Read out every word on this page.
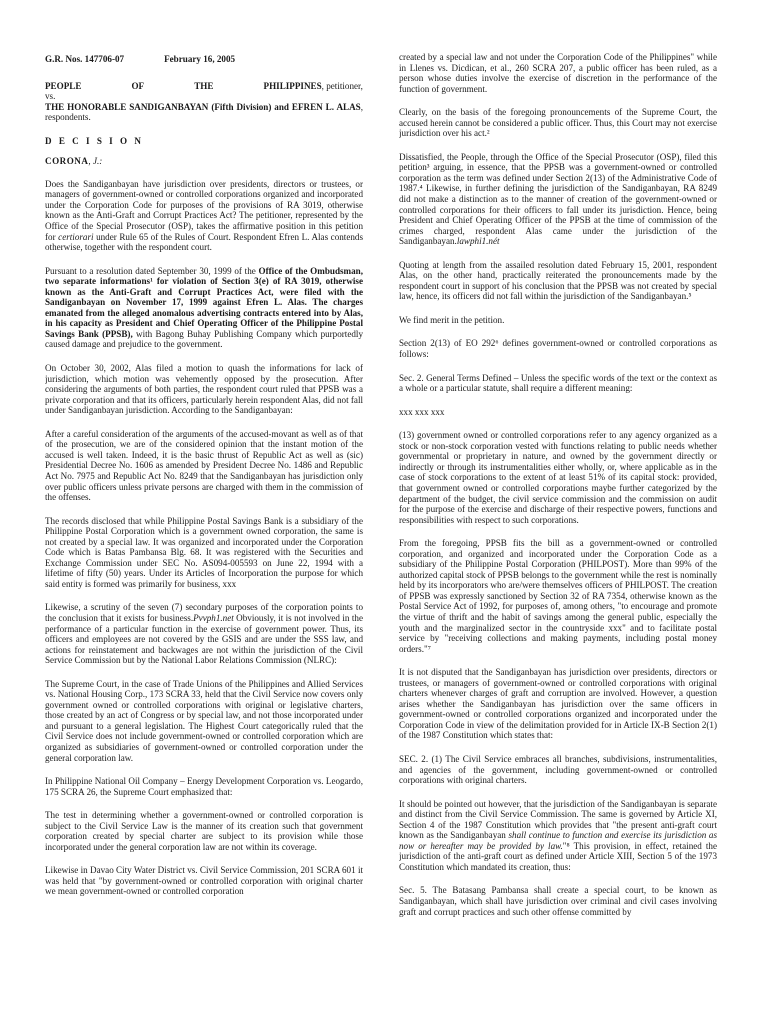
G.R. Nos. 147706-07	February 16, 2005
PEOPLE	OF	THE	PHILIPPINES, petitioner,
vs.

THE HONORABLE SANDIGANBAYAN (Fifth Division) and EFREN L. ALAS, respondents.

D E C I S I O N
CORONA, J.:

Does the Sandiganbayan have jurisdiction over presidents, directors or trustees, or managers of government-owned or controlled corporations organized and incorporated under the Corporation Code for purposes of the provisions of RA 3019, otherwise known as the Anti-Graft and Corrupt Practices Act? The petitioner, represented by the Office of the Special Prosecutor (OSP), takes the affirmative position in this petition for certiorari under Rule 65 of the Rules of Court. Respondent Efren L. Alas contends otherwise, together with the respondent court.

Pursuant to a resolution dated September 30, 1999 of the Office of the Ombudsman, two separate informations¹ for violation of Section 3(e) of RA 3019, otherwise known as the Anti-Graft and Corrupt Practices Act, were filed with the Sandiganbayan on November 17, 1999 against Efren L. Alas. The charges emanated from the alleged anomalous advertising contracts entered into by Alas, in his capacity as President and Chief Operating Officer of the Philippine Postal Savings Bank (PPSB), with Bagong Buhay Publishing Company which purportedly caused damage and prejudice to the government.

On October 30, 2002, Alas filed a motion to quash the informations for lack of jurisdiction, which motion was vehemently opposed by the prosecution. After considering the arguments of both parties, the respondent court ruled that PPSB was a private corporation and that its officers, particularly herein respondent Alas, did not fall under Sandiganbayan jurisdiction. According to the Sandiganbayan:

After a careful consideration of the arguments of the accused-movant as well as of that of the prosecution, we are of the considered opinion that the instant motion of the accused is well taken. Indeed, it is the basic thrust of Republic Act as well as (sic) Presidential Decree No. 1606 as amended by President Decree No. 1486 and Republic Act No. 7975 and Republic Act No. 8249 that the Sandiganbayan has jurisdiction only over public officers unless private persons are charged with them in the commission of the offenses.

The records disclosed that while Philippine Postal Savings Bank is a subsidiary of the Philippine Postal Corporation which is a government owned corporation, the same is not created by a special law. It was organized and incorporated under the Corporation Code which is Batas Pambansa Blg. 68. It was registered with the Securities and Exchange Commission under SEC No. AS094-005593 on June 22, 1994 with a lifetime of fifty (50) years. Under its Articles of Incorporation the purpose for which said entity is formed was primarily for business, xxx

Likewise, a scrutiny of the seven (7) secondary purposes of the corporation points to the conclusion that it exists for business.Pvvph1.net Obviously, it is not involved in the performance of a particular function in the exercise of government power. Thus, its officers and employees are not covered by the GSIS and are under the SSS law, and actions for reinstatement and backwages are not within the jurisdiction of the Civil Service Commission but by the National Labor Relations Commission (NLRC):

The Supreme Court, in the case of Trade Unions of the Philippines and Allied Services vs. National Housing Corp., 173 SCRA 33, held that the Civil Service now covers only government owned or controlled corporations with original or legislative charters, those created by an act of Congress or by special law, and not those incorporated under and pursuant to a general legislation. The Highest Court categorically ruled that the Civil Service does not include government-owned or controlled corporation which are organized as subsidiaries of government-owned or controlled corporation under the general corporation law.

In Philippine National Oil Company – Energy Development Corporation vs. Leogardo, 175 SCRA 26, the Supreme Court emphasized that:

The test in determining whether a government-owned or controlled corporation is subject to the Civil Service Law is the manner of its creation such that government corporation created by special charter are subject to its provision while those incorporated under the general corporation law are not within its coverage.

Likewise in Davao City Water District vs. Civil Service Commission, 201 SCRA 601 it was held that "by government-owned or controlled corporation with original charter we mean government-owned or controlled corporation

created by a special law and not under the Corporation Code of the Philippines" while in Llenes vs. Dicdican, et al., 260 SCRA 207, a public officer has been ruled, as a person whose duties involve the exercise of discretion in the performance of the function of government.

Clearly, on the basis of the foregoing pronouncements of the Supreme Court, the accused herein cannot be considered a public officer. Thus, this Court may not exercise jurisdiction over his act.²

Dissatisfied, the People, through the Office of the Special Prosecutor (OSP), filed this petition³ arguing, in essence, that the PPSB was a government-owned or controlled corporation as the term was defined under Section 2(13) of the Administrative Code of 1987.⁴ Likewise, in further defining the jurisdiction of the Sandiganbayan, RA 8249 did not make a distinction as to the manner of creation of the government-owned or controlled corporations for their officers to fall under its jurisdiction. Hence, being President and Chief Operating Officer of the PPSB at the time of commission of the crimes charged, respondent Alas came under the jurisdiction of the Sandiganbayan.lawphi1.nét

Quoting at length from the assailed resolution dated February 15, 2001, respondent Alas, on the other hand, practically reiterated the pronouncements made by the respondent court in support of his conclusion that the PPSB was not created by special law, hence, its officers did not fall within the jurisdiction of the Sandiganbayan.⁵

We find merit in the petition.

Section 2(13) of EO 292⁶ defines government-owned or controlled corporations as follows:

Sec. 2. General Terms Defined – Unless the specific words of the text or the context as a whole or a particular statute, shall require a different meaning:

xxx xxx xxx

(13) government owned or controlled corporations refer to any agency organized as a stock or non-stock corporation vested with functions relating to public needs whether governmental or proprietary in nature, and owned by the government directly or indirectly or through its instrumentalities either wholly, or, where applicable as in the case of stock corporations to the extent of at least 51% of its capital stock: provided, that government owned or controlled corporations maybe further categorized by the department of the budget, the civil service commission and the commission on audit for the purpose of the exercise and discharge of their respective powers, functions and responsibilities with respect to such corporations.

From the foregoing, PPSB fits the bill as a government-owned or controlled corporation, and organized and incorporated under the Corporation Code as a subsidiary of the Philippine Postal Corporation (PHILPOST). More than 99% of the authorized capital stock of PPSB belongs to the government while the rest is nominally held by its incorporators who are/were themselves officers of PHILPOST. The creation of PPSB was expressly sanctioned by Section 32 of RA 7354, otherwise known as the Postal Service Act of 1992, for purposes of, among others, "to encourage and promote the virtue of thrift and the habit of savings among the general public, especially the youth and the marginalized sector in the countryside xxx" and to facilitate postal service by "receiving collections and making payments, including postal money orders."⁷

It is not disputed that the Sandiganbayan has jurisdiction over presidents, directors or trustees, or managers of government-owned or controlled corporations with original charters whenever charges of graft and corruption are involved. However, a question arises whether the Sandiganbayan has jurisdiction over the same officers in government-owned or controlled corporations organized and incorporated under the Corporation Code in view of the delimitation provided for in Article IX-B Section 2(1) of the 1987 Constitution which states that:

SEC. 2. (1) The Civil Service embraces all branches, subdivisions, instrumentalities, and agencies of the government, including government-owned or controlled corporations with original charters.

It should be pointed out however, that the jurisdiction of the Sandiganbayan is separate and distinct from the Civil Service Commission. The same is governed by Article XI, Section 4 of the 1987 Constitution which provides that "the present anti-graft court known as the Sandiganbayan shall continue to function and exercise its jurisdiction as now or hereafter may be provided by law."⁸ This provision, in effect, retained the jurisdiction of the anti-graft court as defined under Article XIII, Section 5 of the 1973 Constitution which mandated its creation, thus:

Sec. 5. The Batasang Pambansa shall create a special court, to be known as Sandiganbayan, which shall have jurisdiction over criminal and civil cases involving graft and corrupt practices and such other offense committed by
